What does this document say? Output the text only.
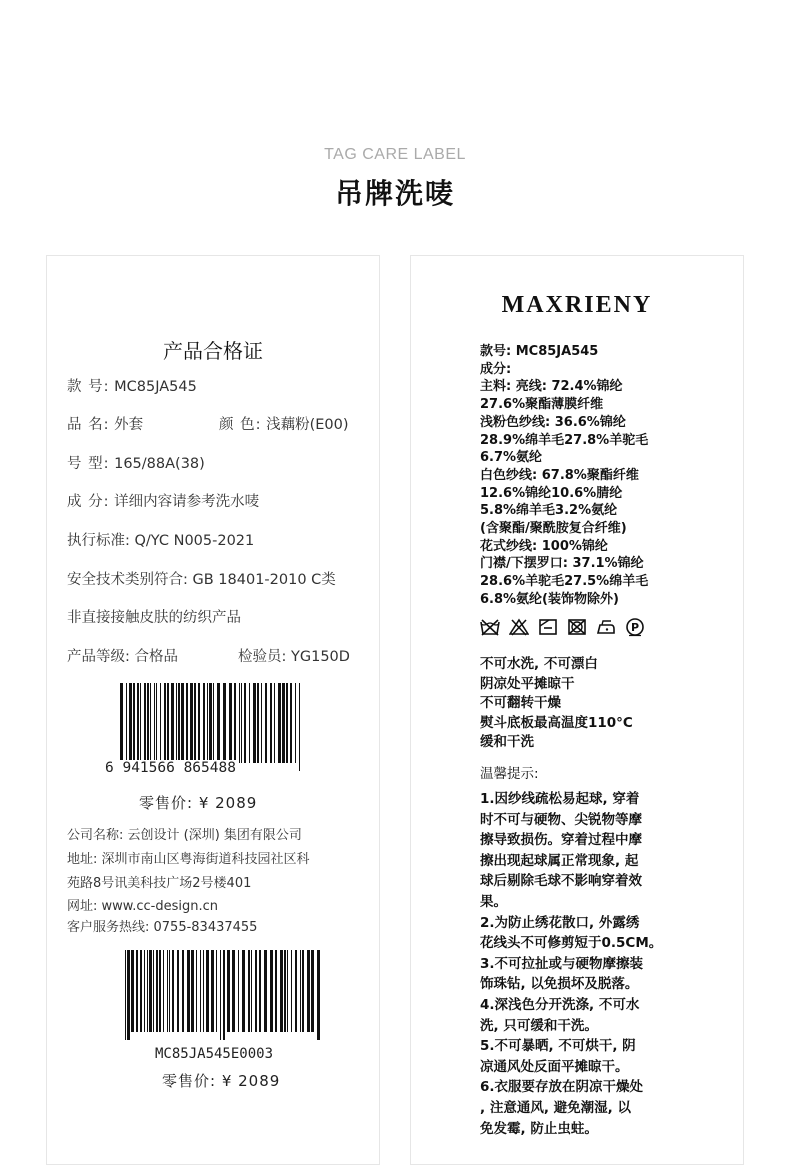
TAG CARE LABEL
吊牌洗唛
产品合格证
款 号: MC85JA545
品 名: 外套	颜 色: 浅藕粉(E00)
号 型: 165/88A(38)
成 分: 详细内容请参考洗水唛
执行标准: Q/YC N005-2021
安全技术类别符合: GB 18401-2010 C类
非直接接触皮肤的纺织产品
产品等级: 合格品	检验员: YG150D
6 941566 865488
零售价: ¥ 2089
公司名称: 云创设计 (深圳) 集团有限公司
地址: 深圳市南山区粤海街道科技园社区科
苑路8号讯美科技广场2号楼401
网址: www.cc-design.cn
客户服务热线: 0755-83437455
MC85JA545E0003
零售价: ¥ 2089
MAXRIENY
款号: MC85JA545
成分:
主料: 亮线: 72.4%锦纶
27.6%聚酯薄膜纤维
浅粉色纱线: 36.6%锦纶
28.9%绵羊毛27.8%羊驼毛
6.7%氨纶
白色纱线: 67.8%聚酯纤维
12.6%锦纶10.6%腈纶
5.8%绵羊毛3.2%氨纶
(含聚酯/聚酰胺复合纤维)
花式纱线: 100%锦纶
门襟/下摆罗口: 37.1%锦纶
28.6%羊驼毛27.5%绵羊毛
6.8%氨纶(装饰物除外)
P
不可水洗, 不可漂白
阴凉处平摊晾干
不可翻转干燥
熨斗底板最高温度110°C
缓和干洗
温馨提示:
1.因纱线疏松易起球, 穿着
时不可与硬物、尖锐物等摩
擦导致损伤。穿着过程中摩
擦出现起球属正常现象, 起
球后剔除毛球不影响穿着效
果。
2.为防止绣花散口, 外露绣
花线头不可修剪短于0.5CM。
3.不可拉扯或与硬物摩擦装
饰珠钻, 以免损坏及脱落。
4.深浅色分开洗涤, 不可水
洗, 只可缓和干洗。
5.不可暴晒, 不可烘干, 阴
凉通风处反面平摊晾干。
6.衣服要存放在阴凉干燥处
, 注意通风, 避免潮湿, 以
免发霉, 防止虫蛀。
